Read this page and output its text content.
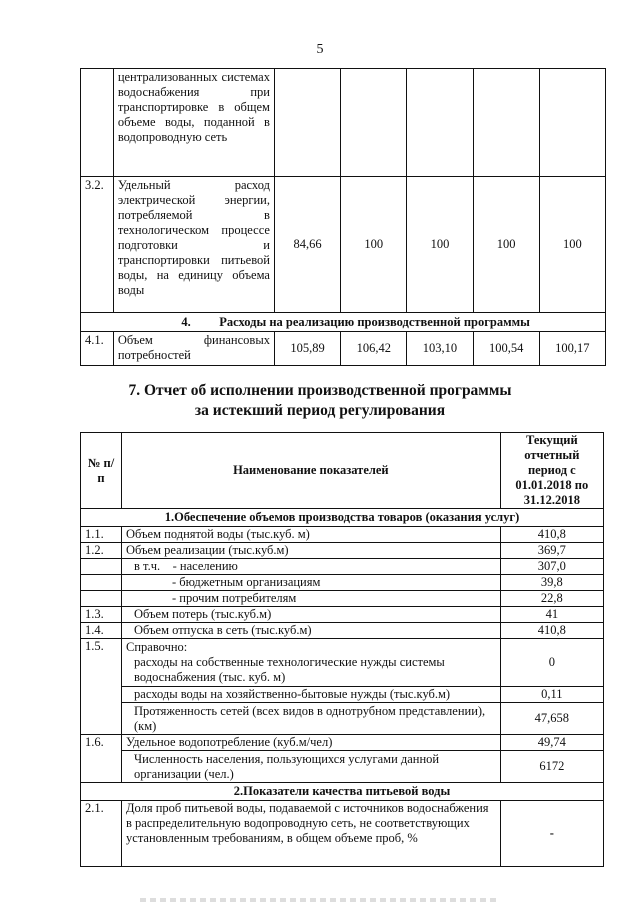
5
	централизованных системах водоснабжения при транспортировке в общем объеме воды, поданной в водопроводную сеть					
3.2.	Удельный расход электрической энергии, потребляемой в технологическом процессе подготовки и транспортировки питьевой воды, на единицу объема воды	84,66	100	100	100	100
4. Расходы на реализацию производственной программы						
4.1.	Объем финансовых потребностей	105,89	106,42	103,10	100,54	100,17
7. Отчет об исполнении производственной программы
за истекший период регулирования
№ п/п	Наименование показателей	Текущий отчетный период с 01.01.2018 по 31.12.2018
1.Обеспечение объемов производства товаров (оказания услуг)		
1.1.	Объем поднятой воды (тыс.куб. м)	410,8
1.2.	Объем реализации (тыс.куб.м)	369,7
	в т.ч.    - населению	307,0
	- бюджетным организациям	39,8
	- прочим потребителям	22,8
1.3.	Объем потерь (тыс.куб.м)	41
1.4.	Объем отпуска в сеть (тыс.куб.м)	410,8
1.5.	Справочно:
расходы на собственные технологические нужды системы водоснабжения (тыс. куб. м)	0
	расходы воды на хозяйственно-бытовые нужды (тыс.куб.м)	0,11
	Протяженность сетей (всех видов в однотрубном представлении), (км)	47,658

1.6.	Удельное водопотребление (куб.м/чел)	49,74
	Численность населения, пользующихся услугами данной организации (чел.)	6172
2.Показатели качества питьевой воды		
2.1.	Доля проб питьевой воды, подаваемой с источников водоснабжения в распределительную водопроводную сеть, не соответствующих установленным требованиям, в общем объеме проб, %	-
